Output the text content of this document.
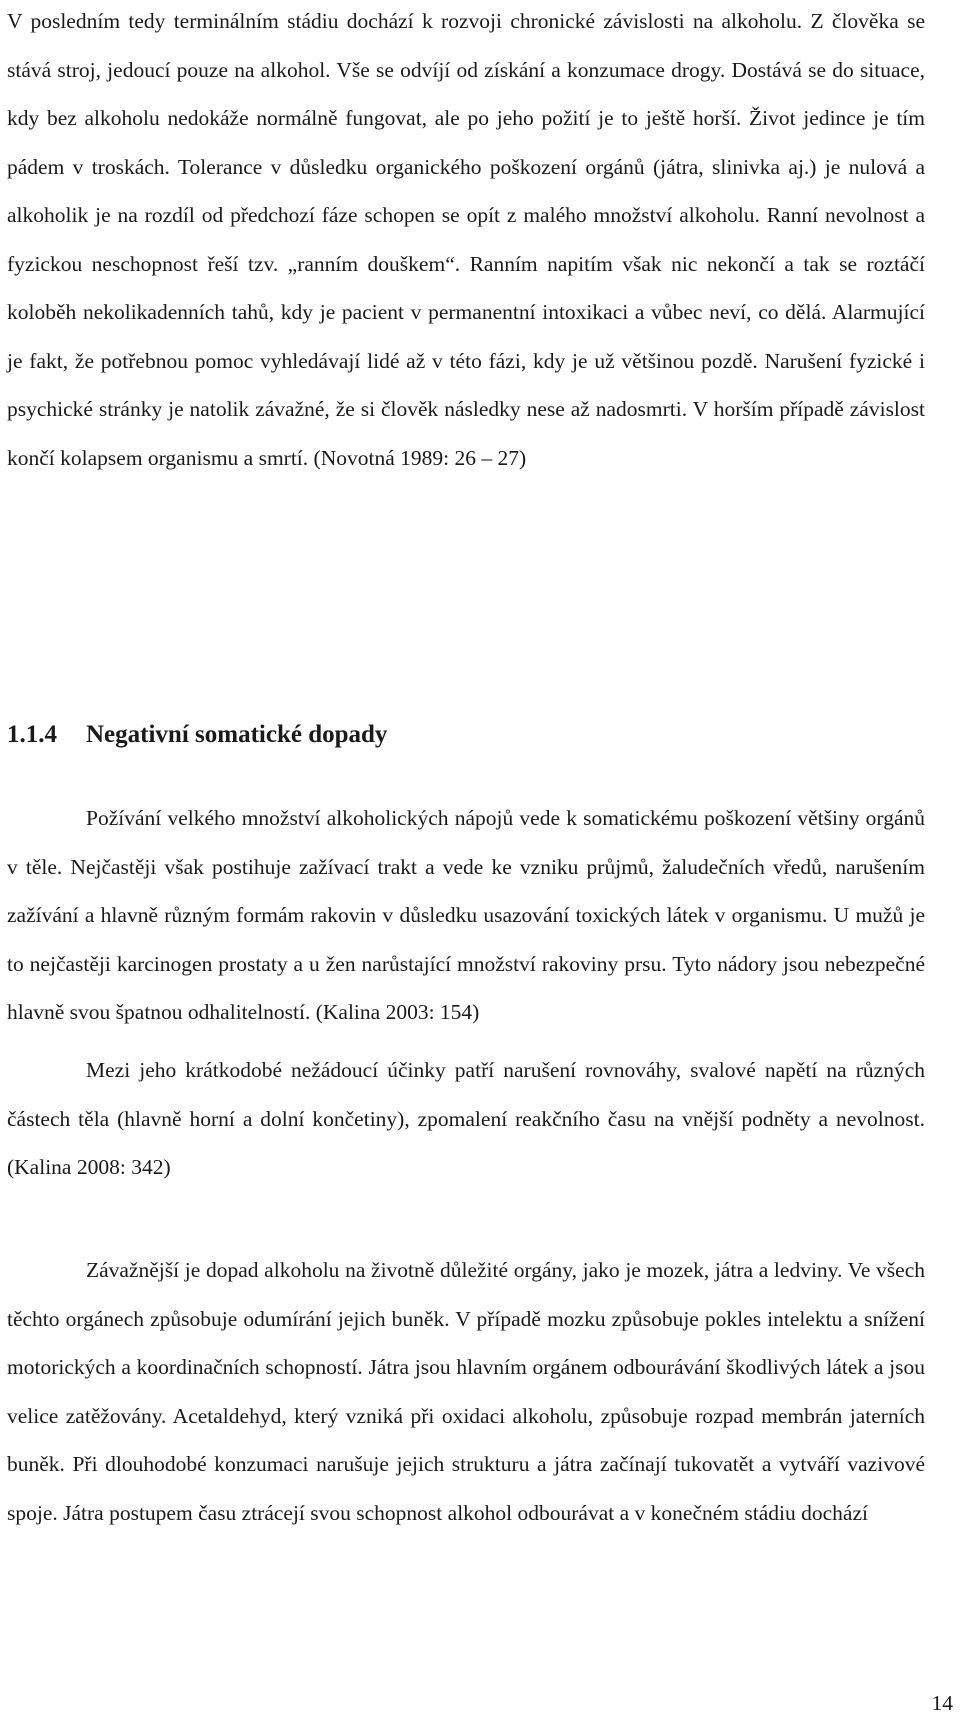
V posledním tedy terminálním stádiu dochází k rozvoji chronické závislosti na alkoholu. Z člověka se stává stroj, jedoucí pouze na alkohol. Vše se odvíjí od získání a konzumace drogy. Dostává se do situace, kdy bez alkoholu nedokáže normálně fungovat, ale po jeho požití je to ještě horší. Život jedince je tím pádem v troskách. Tolerance v důsledku organického poškození orgánů (játra, slinivka aj.) je nulová a alkoholik je na rozdíl od předchozí fáze schopen se opít z malého množství alkoholu. Ranní nevolnost a fyzickou neschopnost řeší tzv. „ranním douškem“. Ranním napitím však nic nekončí a tak se roztáčí koloběh nekolikadenních tahů, kdy je pacient v permanentní intoxikaci a vůbec neví, co dělá. Alarmující je fakt, že potřebnou pomoc vyhledávají lidé až v této fázi, kdy je už většinou pozdě. Narušení fyzické i psychické stránky je natolik závažné, že si člověk následky nese až nadosmrti. V horším případě závislost končí kolapsem organismu a smrtí. (Novotná 1989: 26 – 27)

1.1.4 Negativní somatické dopady

Požívání velkého množství alkoholických nápojů vede k somatickému poškození většiny orgánů v těle. Nejčastěji však postihuje zažívací trakt a vede ke vzniku průjmů, žaludečních vředů, narušením zažívání a hlavně různým formám rakovin v důsledku usazování toxických látek v organismu. U mužů je to nejčastěji karcinogen prostaty a u žen narůstající množství rakoviny prsu. Tyto nádory jsou nebezpečné hlavně svou špatnou odhalitelností. (Kalina 2003: 154)

Mezi jeho krátkodobé nežádoucí účinky patří narušení rovnováhy, svalové napětí na různých částech těla (hlavně horní a dolní končetiny), zpomalení reakčního času na vnější podněty a nevolnost. (Kalina 2008: 342)

Závažnější je dopad alkoholu na životně důležité orgány, jako je mozek, játra a ledviny. Ve všech těchto orgánech způsobuje odumírání jejich buněk. V případě mozku způsobuje pokles intelektu a snížení motorických a koordinačních schopností. Játra jsou hlavním orgánem odbourávání škodlivých látek a jsou velice zatěžovány. Acetaldehyd, který vzniká při oxidaci alkoholu, způsobuje rozpad membrán jaterních buněk. Při dlouhodobé konzumaci narušuje jejich strukturu a játra začínají tukovatět a vytváří vazivové spoje. Játra postupem času ztrácejí svou schopnost alkohol odbourávat a v konečném stádiu dochází

14
